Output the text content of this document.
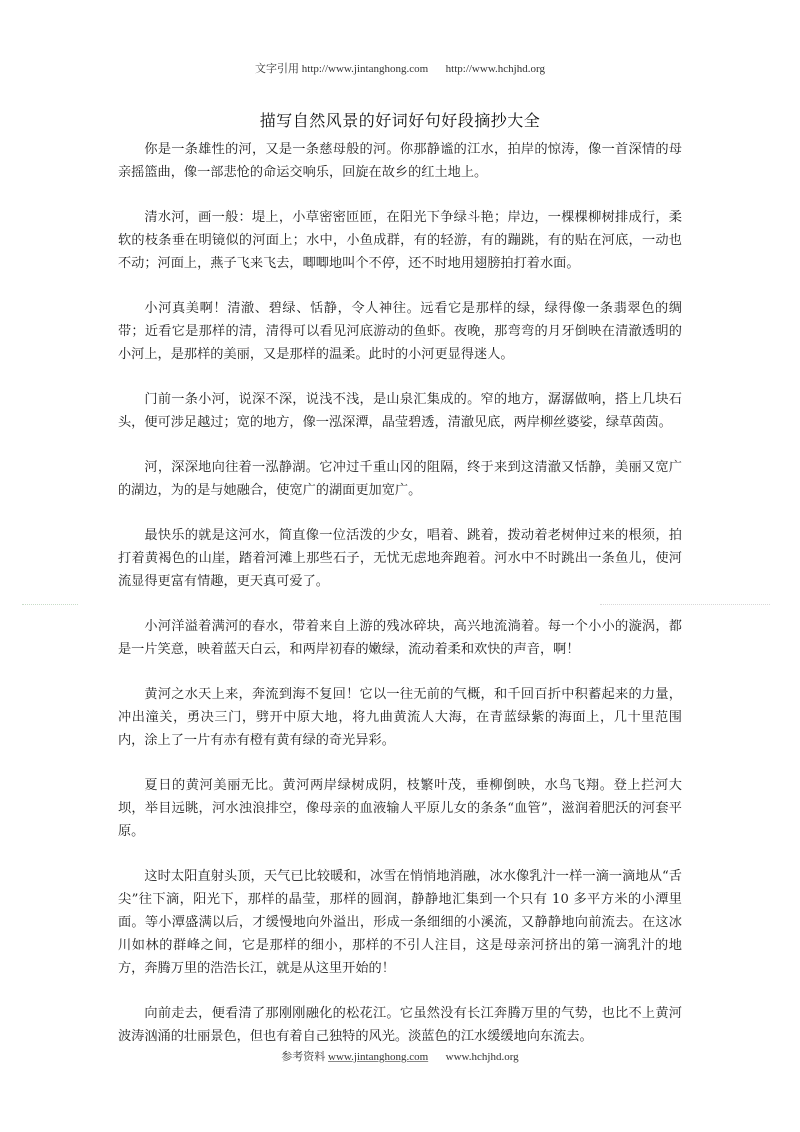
文字引用 http://www.jintanghong.com http://www.hchjhd.org
描写自然风景的好词好句好段摘抄大全

你是一条雄性的河，又是一条慈母般的河。你那静谧的江水，拍岸的惊涛，像一首深情的母亲摇篮曲，像一部悲怆的命运交响乐，回旋在故乡的红土地上。

清水河，画一般：堤上，小草密密匝匝，在阳光下争绿斗艳；岸边，一棵棵柳树排成行，柔软的枝条垂在明镜似的河面上；水中，小鱼成群，有的轻游，有的蹦跳，有的贴在河底，一动也不动；河面上，燕子飞来飞去，唧唧地叫个不停，还不时地用翅膀拍打着水面。

小河真美啊！清澈、碧绿、恬静，令人神往。远看它是那样的绿，绿得像一条翡翠色的绸带；近看它是那样的清，清得可以看见河底游动的鱼虾。夜晚，那弯弯的月牙倒映在清澈透明的小河上，是那样的美丽，又是那样的温柔。此时的小河更显得迷人。

门前一条小河，说深不深，说浅不浅，是山泉汇集成的。窄的地方，潺潺做响，搭上几块石头，便可涉足越过；宽的地方，像一泓深潭，晶莹碧透，清澈见底，两岸柳丝婆娑，绿草茵茵。

河，深深地向往着一泓静湖。它冲过千重山冈的阻隔，终于来到这清澈又恬静，美丽又宽广的湖边，为的是与她融合，使宽广的湖面更加宽广。

最快乐的就是这河水，简直像一位活泼的少女，唱着、跳着，拨动着老树伸过来的根须，拍打着黄褐色的山崖，踏着河滩上那些石子，无忧无虑地奔跑着。河水中不时跳出一条鱼儿，使河流显得更富有情趣，更天真可爱了。

小河洋溢着满河的春水，带着来自上游的残冰碎块，高兴地流淌着。每一个小小的漩涡，都是一片笑意，映着蓝天白云，和两岸初春的嫩绿，流动着柔和欢快的声音，啊！

黄河之水天上来，奔流到海不复回！它以一往无前的气概，和千回百折中积蓄起来的力量，冲出潼关，勇决三门，劈开中原大地，将九曲黄流人大海，在青蓝绿紫的海面上，几十里范围内，涂上了一片有赤有橙有黄有绿的奇光异彩。

夏日的黄河美丽无比。黄河两岸绿树成阴，枝繁叶茂，垂柳倒映，水鸟飞翔。登上拦河大坝，举目远眺，河水浊浪排空，像母亲的血液输人平原儿女的条条“血管”，滋润着肥沃的河套平原。

这时太阳直射头顶，天气已比较暖和，冰雪在悄悄地消融，冰水像乳汁一样一滴一滴地从“舌尖”往下滴，阳光下，那样的晶莹，那样的圆润，静静地汇集到一个只有 10 多平方米的小潭里面。等小潭盛满以后，才缓慢地向外溢出，形成一条细细的小溪流，又静静地向前流去。在这冰川如林的群峰之间，它是那样的细小，那样的不引人注目，这是母亲河挤出的第一滴乳汁的地方，奔腾万里的浩浩长江，就是从这里开始的！

向前走去，便看清了那刚刚融化的松花江。它虽然没有长江奔腾万里的气势，也比不上黄河波涛汹涌的壮丽景色，但也有着自己独特的风光。淡蓝色的江水缓缓地向东流去。

参考资料 www.jintanghong.com www.hchjhd.org
